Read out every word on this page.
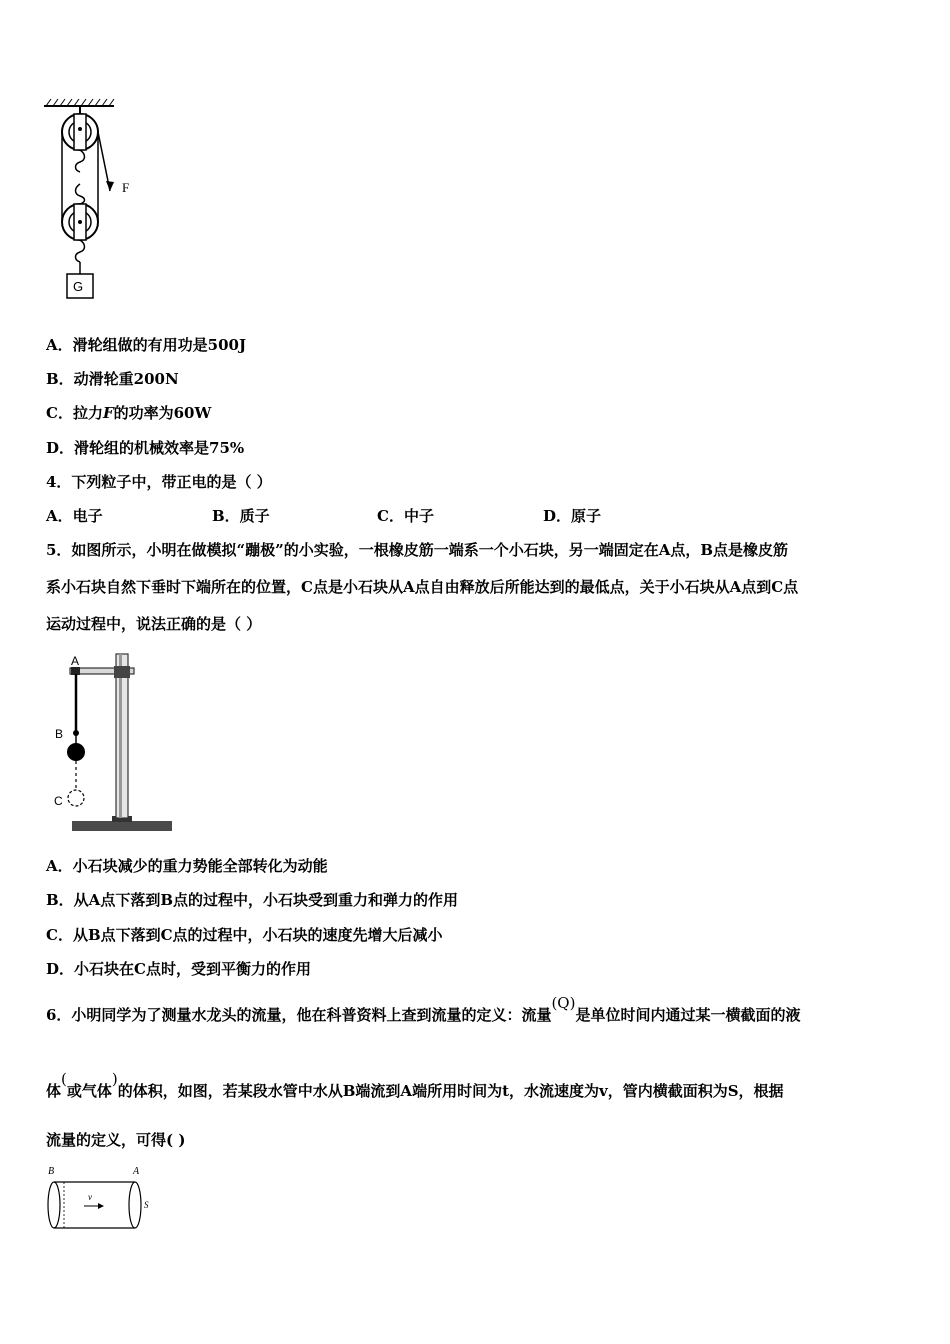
F
G
A．滑轮组做的有用功是500J
B．动滑轮重200N
C．拉力F的功率为60W
D．滑轮组的机械效率是75%
4．下列粒子中，带正电的是（ ）
A．电子	B．质子	C．中子	D．原子
5．如图所示，小明在做模拟“蹦极”的小实验，一根橡皮筋一端系一个小石块，另一端固定在A点，B点是橡皮筋
系小石块自然下垂时下端所在的位置，C点是小石块从A点自由释放后所能达到的最低点，关于小石块从A点到C点
运动过程中，说法正确的是（ ）
A
B
C
A．小石块减少的重力势能全部转化为动能
B．从A点下落到B点的过程中，小石块受到重力和弹力的作用
C．从B点下落到C点的过程中，小石块的速度先增大后减小
D．小石块在C点时，受到平衡力的作用
6．小明同学为了测量水龙头的流量，他在科普资料上查到流量的定义：流量(Q)是单位时间内通过某一横截面的液
体(或气体)的体积，如图，若某段水管中水从B端流到A端所用时间为t，水流速度为v，管内横截面积为S，根据
流量的定义，可得( )
B	A
v
S
